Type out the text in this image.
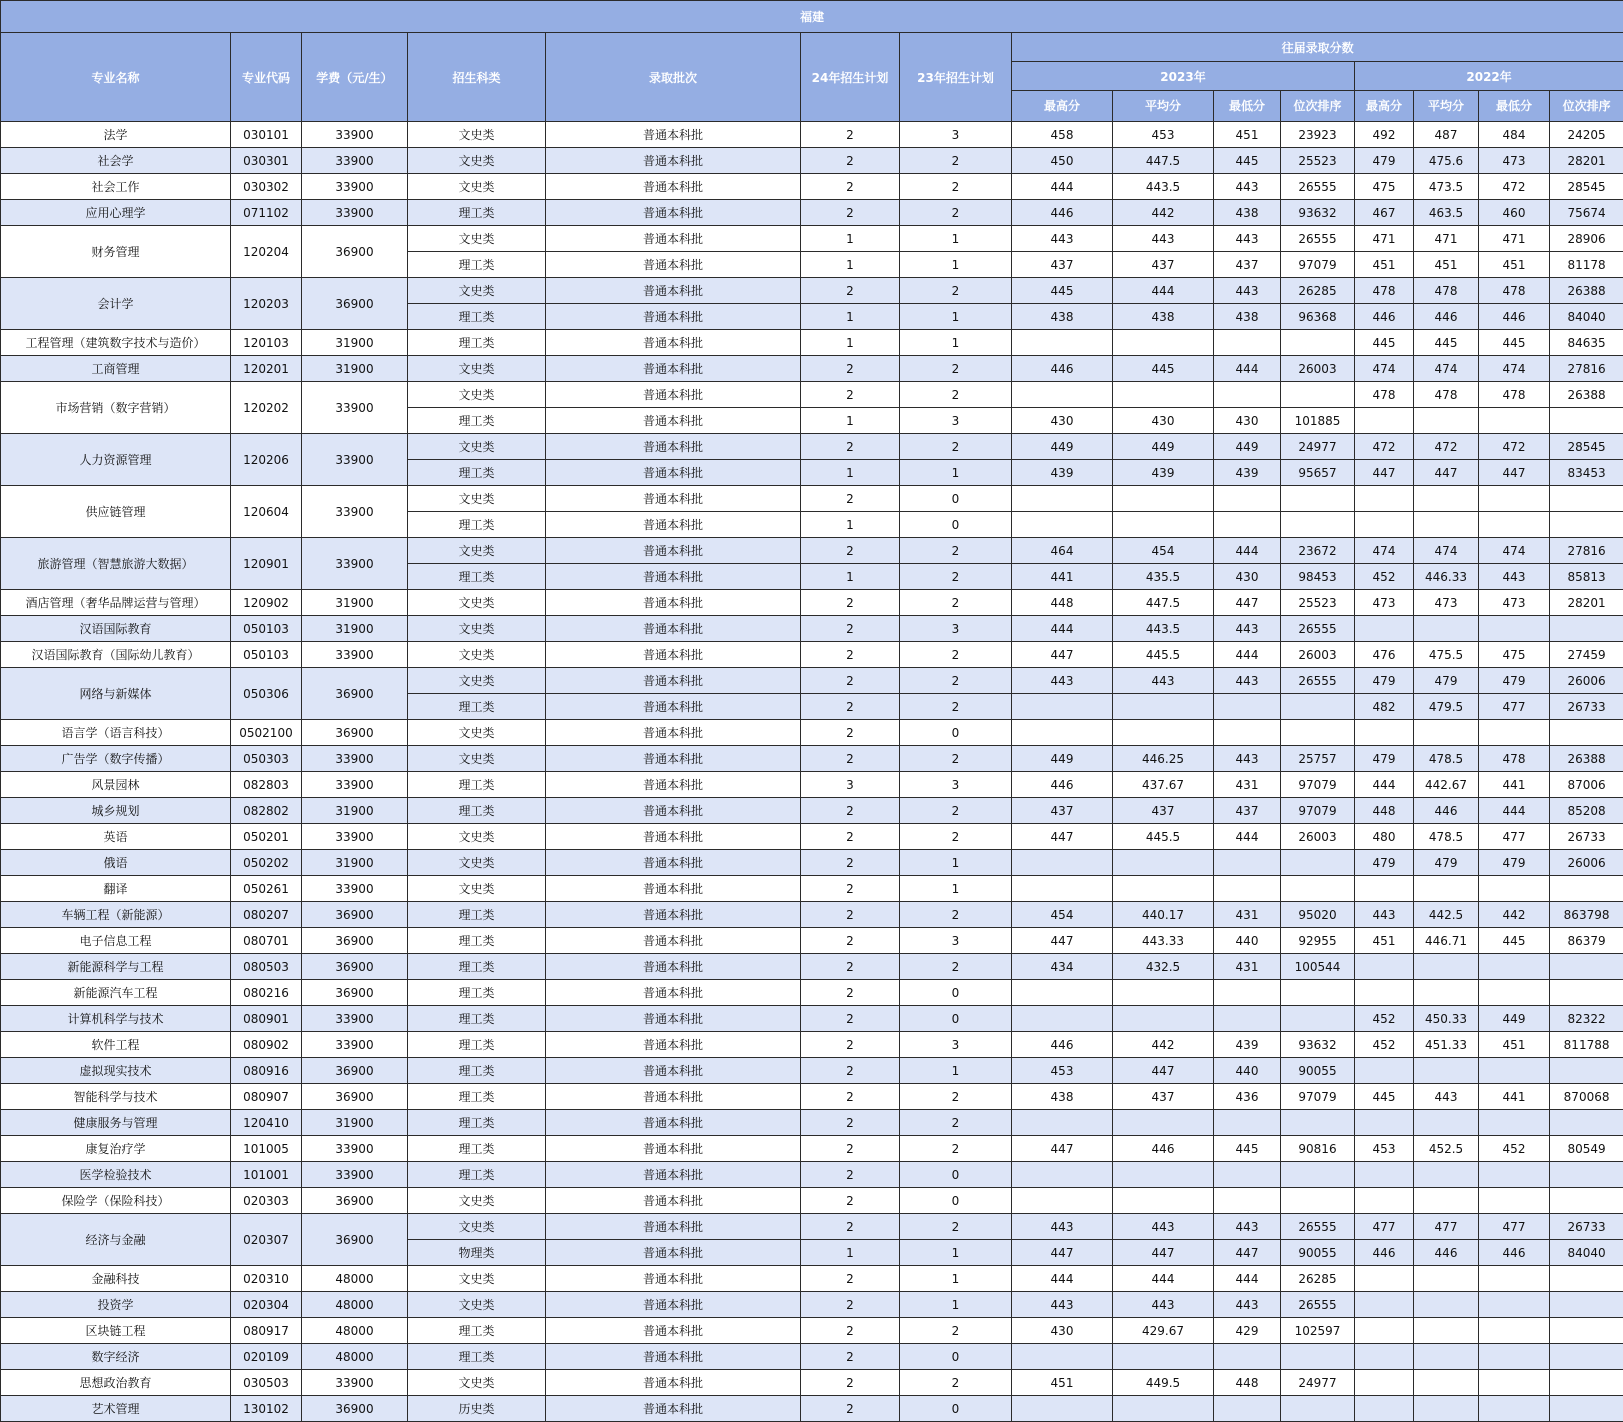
福建														
专业名称	专业代码	学费（元/生）	招生科类	录取批次	24年招生计划	23年招生计划	往届录取分数							
							2023年				2022年			
							最高分	平均分	最低分	位次排序	最高分	平均分	最低分	位次排序
法学	030101	33900	文史类	普通本科批	2	3	458	453	451	23923	492	487	484	24205
社会学	030301	33900	文史类	普通本科批	2	2	450	447.5	445	25523	479	475.6	473	28201
社会工作	030302	33900	文史类	普通本科批	2	2	444	443.5	443	26555	475	473.5	472	28545
应用心理学	071102	33900	理工类	普通本科批	2	2	446	442	438	93632	467	463.5	460	75674
财务管理	120204	36900	文史类	普通本科批	1	1	443	443	443	26555	471	471	471	28906
			理工类	普通本科批	1	1	437	437	437	97079	451	451	451	81178
会计学	120203	36900	文史类	普通本科批	2	2	445	444	443	26285	478	478	478	26388
			理工类	普通本科批	1	1	438	438	438	96368	446	446	446	84040
工程管理（建筑数字技术与造价）	120103	31900	理工类	普通本科批	1	1					445	445	445	84635
工商管理	120201	31900	文史类	普通本科批	2	2	446	445	444	26003	474	474	474	27816
市场营销（数字营销）	120202	33900	文史类	普通本科批	2	2					478	478	478	26388
			理工类	普通本科批	1	3	430	430	430	101885				
人力资源管理	120206	33900	文史类	普通本科批	2	2	449	449	449	24977	472	472	472	28545
			理工类	普通本科批	1	1	439	439	439	95657	447	447	447	83453
供应链管理	120604	33900	文史类	普通本科批	2	0								
			理工类	普通本科批	1	0								
旅游管理（智慧旅游大数据）	120901	33900	文史类	普通本科批	2	2	464	454	444	23672	474	474	474	27816
			理工类	普通本科批	1	2	441	435.5	430	98453	452	446.33	443	85813
酒店管理（奢华品牌运营与管理）	120902	31900	文史类	普通本科批	2	2	448	447.5	447	25523	473	473	473	28201
汉语国际教育	050103	31900	文史类	普通本科批	2	3	444	443.5	443	26555				
汉语国际教育（国际幼儿教育）	050103	33900	文史类	普通本科批	2	2	447	445.5	444	26003	476	475.5	475	27459
网络与新媒体	050306	36900	文史类	普通本科批	2	2	443	443	443	26555	479	479	479	26006
			理工类	普通本科批	2	2					482	479.5	477	26733
语言学（语言科技）	0502100	36900	文史类	普通本科批	2	0								
广告学（数字传播）	050303	33900	文史类	普通本科批	2	2	449	446.25	443	25757	479	478.5	478	26388
风景园林	082803	33900	理工类	普通本科批	3	3	446	437.67	431	97079	444	442.67	441	87006
城乡规划	082802	31900	理工类	普通本科批	2	2	437	437	437	97079	448	446	444	85208
英语	050201	33900	文史类	普通本科批	2	2	447	445.5	444	26003	480	478.5	477	26733
俄语	050202	31900	文史类	普通本科批	2	1					479	479	479	26006
翻译	050261	33900	文史类	普通本科批	2	1								
车辆工程（新能源）	080207	36900	理工类	普通本科批	2	2	454	440.17	431	95020	443	442.5	442	863798
电子信息工程	080701	36900	理工类	普通本科批	2	3	447	443.33	440	92955	451	446.71	445	86379
新能源科学与工程	080503	36900	理工类	普通本科批	2	2	434	432.5	431	100544				
新能源汽车工程	080216	36900	理工类	普通本科批	2	0								
计算机科学与技术	080901	33900	理工类	普通本科批	2	0					452	450.33	449	82322
软件工程	080902	33900	理工类	普通本科批	2	3	446	442	439	93632	452	451.33	451	811788
虚拟现实技术	080916	36900	理工类	普通本科批	2	1	453	447	440	90055				
智能科学与技术	080907	36900	理工类	普通本科批	2	2	438	437	436	97079	445	443	441	870068
健康服务与管理	120410	31900	理工类	普通本科批	2	2								
康复治疗学	101005	33900	理工类	普通本科批	2	2	447	446	445	90816	453	452.5	452	80549
医学检验技术	101001	33900	理工类	普通本科批	2	0								
保险学（保险科技）	020303	36900	文史类	普通本科批	2	0								
经济与金融	020307	36900	文史类	普通本科批	2	2	443	443	443	26555	477	477	477	26733
			物理类	普通本科批	1	1	447	447	447	90055	446	446	446	84040
金融科技	020310	48000	文史类	普通本科批	2	1	444	444	444	26285				
投资学	020304	48000	文史类	普通本科批	2	1	443	443	443	26555				
区块链工程	080917	48000	理工类	普通本科批	2	2	430	429.67	429	102597				
数字经济	020109	48000	理工类	普通本科批	2	0								
思想政治教育	030503	33900	文史类	普通本科批	2	2	451	449.5	448	24977				
艺术管理	130102	36900	历史类	普通本科批	2	0								
